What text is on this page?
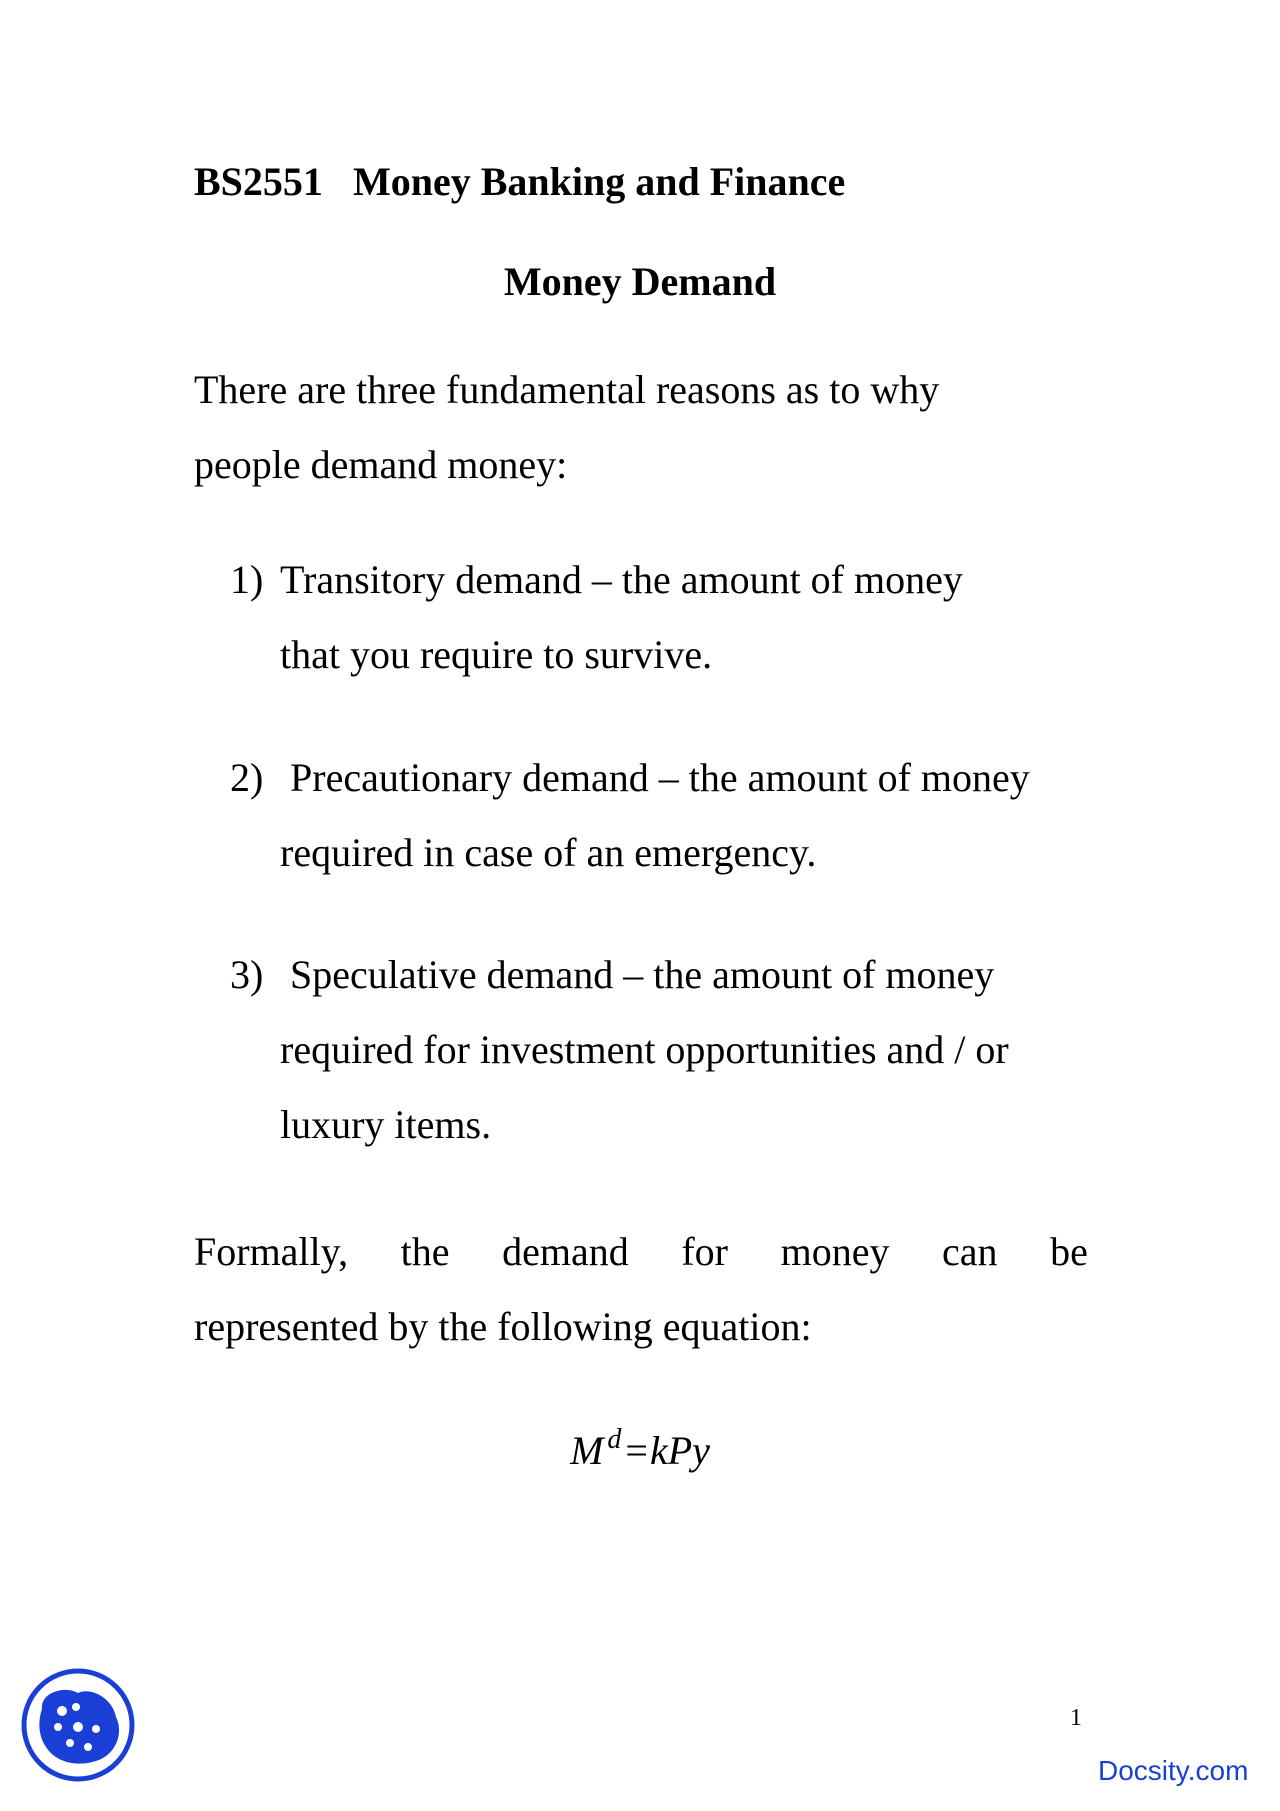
BS2551 Money Banking and Finance
Money Demand
There are three fundamental reasons as to why
people demand money:
1) Transitory demand – the amount of money
that you require to survive.
2) Precautionary demand – the amount of money
required in case of an emergency.
3) Speculative demand – the amount of money
required for investment opportunities and / or
luxury items.
Formally, the demand for money can be
represented by the following equation:
M $^d$ =kPy
1
Docsity.com
